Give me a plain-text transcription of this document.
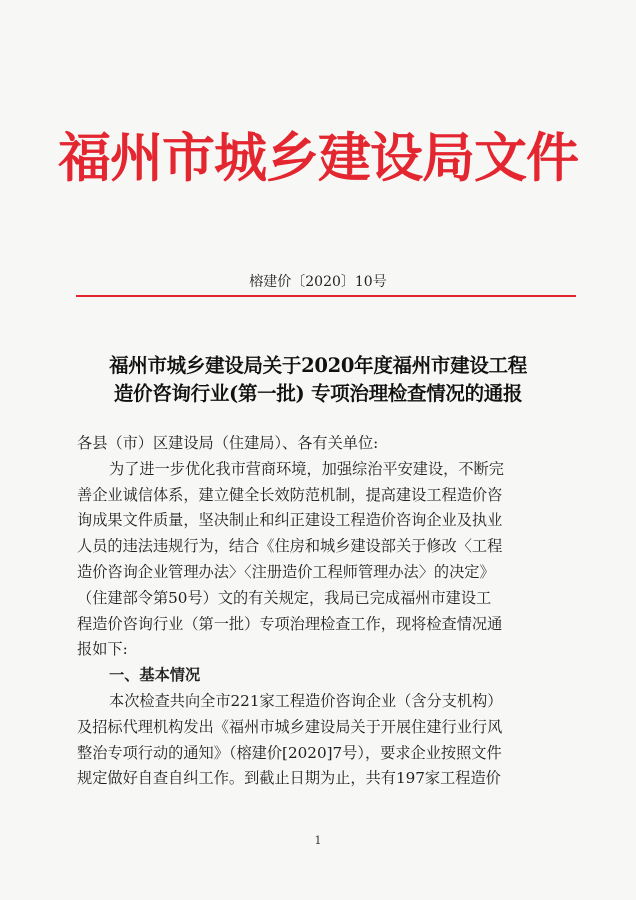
福州市城乡建设局文件
榕建价〔2020〕10号
福州市城乡建设局关于2020年度福州市建设工程
造价咨询行业(第一批) 专项治理检查情况的通报

各县（市）区建设局（住建局）、各有关单位:

为了进一步优化我市营商环境，加强综治平安建设，不断完
善企业诚信体系，建立健全长效防范机制，提高建设工程造价咨
询成果文件质量，坚决制止和纠正建设工程造价咨询企业及执业
人员的违法违规行为，结合《住房和城乡建设部关于修改〈工程
造价咨询企业管理办法〉〈注册造价工程师管理办法〉的决定》
（住建部令第50号）文的有关规定，我局已完成福州市建设工
程造价咨询行业（第一批）专项治理检查工作，现将检查情况通
报如下:

一、基本情况

本次检查共向全市221家工程造价咨询企业（含分支机构）
及招标代理机构发出《福州市城乡建设局关于开展住建行业行风
整治专项行动的通知》（榕建价[2020]7号），要求企业按照文件
规定做好自查自纠工作。到截止日期为止，共有197家工程造价
1
